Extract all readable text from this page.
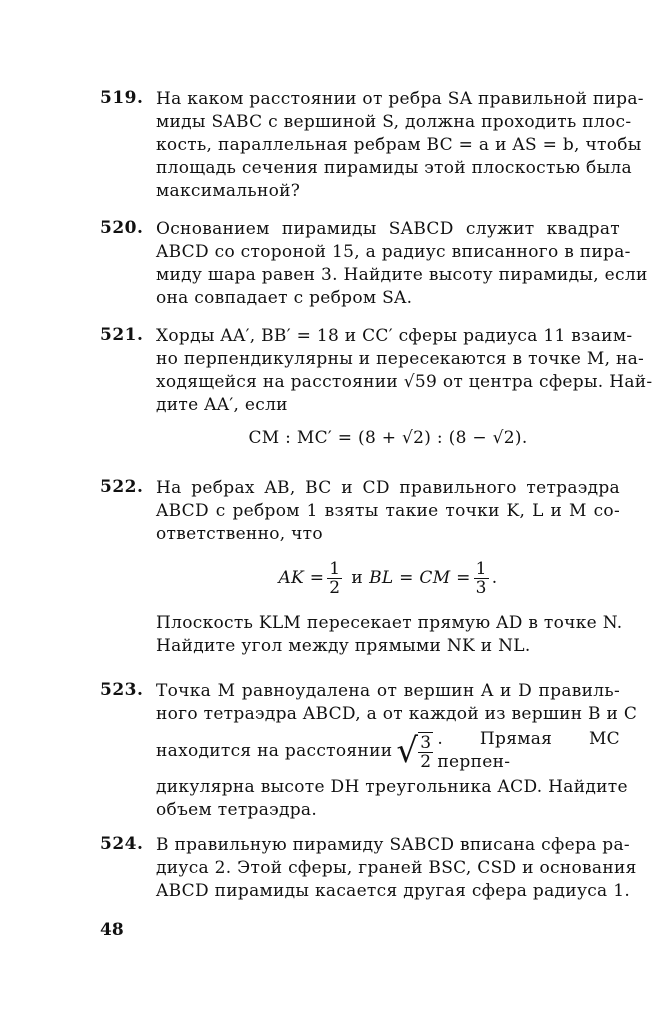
519. На каком расстоянии от ребра SA правильной пира-
миды SABC с вершиной S, должна проходить плос-
кость, параллельная ребрам BC = a и AS = b, чтобы
площадь сечения пирамиды этой плоскостью была
максимальной?
520. Основанием пирамиды SABCD служит квадрат
ABCD со стороной 15, а радиус вписанного в пира-
миду шара равен 3. Найдите высоту пирамиды, если
она совпадает с ребром SA.
521. Хорды AA′, BB′ = 18 и CC′ сферы радиуса 11 взаим-
но перпендикулярны и пересекаются в точке M, на-
ходящейся на расстоянии √59 от центра сферы. Най-
дите AA′, если
CM : MC′ = (8 + √2) : (8 − √2).
522. На ребрах AB, BC и CD правильного тетраэдра
ABCD с ребром 1 взяты такие точки K, L и M со-
ответственно, что
AK = $\frac{1}{2}$ и BL = CM = $\frac{1}{3}$ .
Плоскость KLM пересекает прямую AD в точке N.
Найдите угол между прямыми NK и NL.
523. Точка M равноудалена от вершин A и D правиль-
ного тетраэдра ABCD, а от каждой из вершин B и C
находится на расстоянии √ $\frac{3}{2}$ . Прямая MC перпен-
дикулярна высоте DH треугольника ACD. Найдите
объем тетраэдра.
524. В правильную пирамиду SABCD вписана сфера ра-
диуса 2. Этой сферы, граней BSC, CSD и основания
ABCD пирамиды касается другая сфера радиуса 1.
48
